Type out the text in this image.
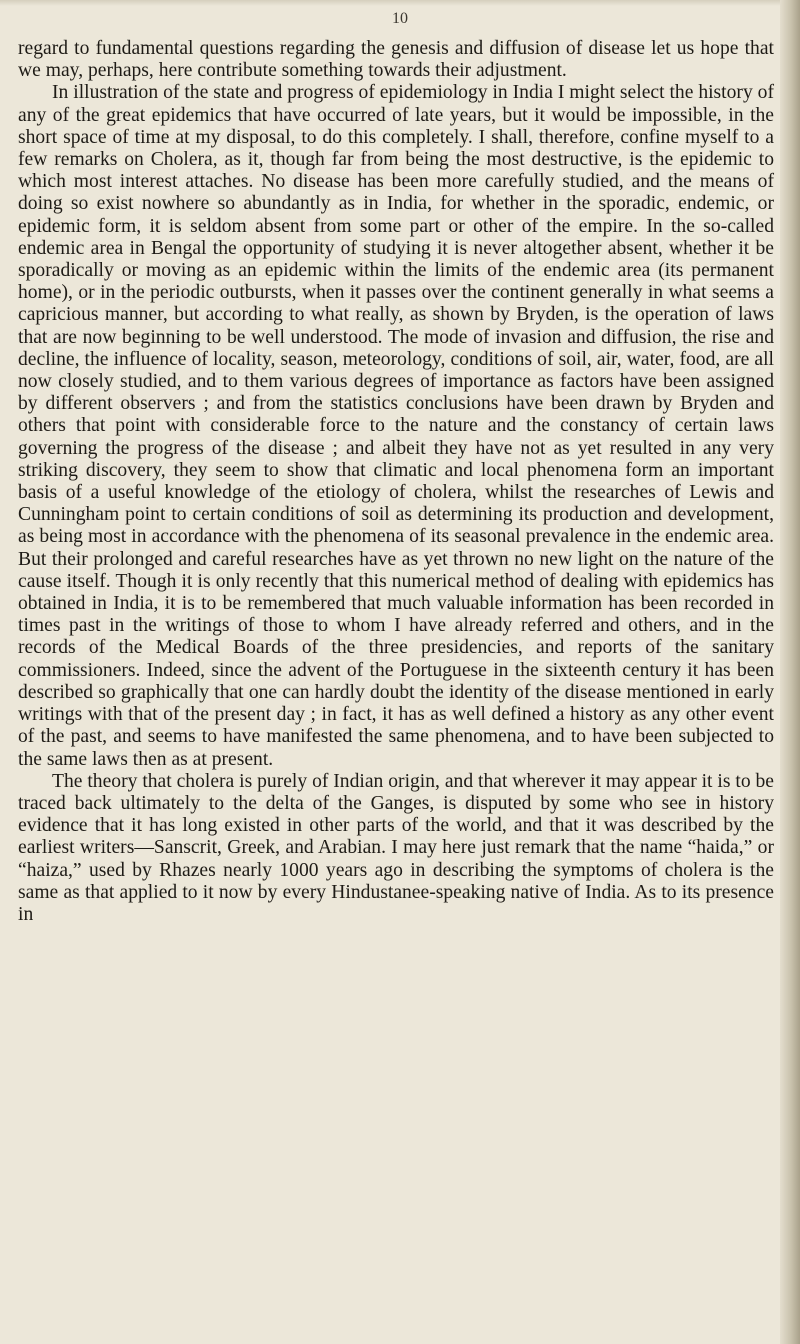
10

regard to fundamental questions regarding the genesis and diffusion of disease let us hope that we may, perhaps, here contribute something towards their adjustment.

In illustration of the state and progress of epidemiology in India I might select the history of any of the great epidemics that have occurred of late years, but it would be impossible, in the short space of time at my disposal, to do this completely. I shall, therefore, confine myself to a few remarks on Cholera, as it, though far from being the most destructive, is the epidemic to which most interest attaches. No disease has been more carefully studied, and the means of doing so exist nowhere so abundantly as in India, for whether in the sporadic, endemic, or epidemic form, it is seldom absent from some part or other of the empire. In the so-called endemic area in Bengal the opportunity of studying it is never altogether absent, whether it be sporadically or moving as an epidemic within the limits of the endemic area (its permanent home), or in the periodic outbursts, when it passes over the continent generally in what seems a capricious manner, but according to what really, as shown by Bryden, is the operation of laws that are now beginning to be well understood. The mode of invasion and diffusion, the rise and decline, the influence of locality, season, meteorology, conditions of soil, air, water, food, are all now closely studied, and to them various degrees of importance as factors have been assigned by different observers ; and from the statistics conclusions have been drawn by Bryden and others that point with considerable force to the nature and the constancy of certain laws governing the progress of the disease ; and albeit they have not as yet resulted in any very striking discovery, they seem to show that climatic and local phenomena form an important basis of a useful knowledge of the etiology of cholera, whilst the researches of Lewis and Cunningham point to certain conditions of soil as determining its production and development, as being most in accordance with the phenomena of its seasonal prevalence in the endemic area. But their prolonged and careful researches have as yet thrown no new light on the nature of the cause itself. Though it is only recently that this numerical method of dealing with epidemics has obtained in India, it is to be remembered that much valuable information has been recorded in times past in the writings of those to whom I have already referred and others, and in the records of the Medical Boards of the three presidencies, and reports of the sanitary commissioners. Indeed, since the advent of the Portuguese in the sixteenth century it has been described so graphically that one can hardly doubt the identity of the disease mentioned in early writings with that of the present day ; in fact, it has as well defined a history as any other event of the past, and seems to have manifested the same phenomena, and to have been subjected to the same laws then as at present.

The theory that cholera is purely of Indian origin, and that wherever it may appear it is to be traced back ultimately to the delta of the Ganges, is disputed by some who see in history evidence that it has long existed in other parts of the world, and that it was described by the earliest writers—Sanscrit, Greek, and Arabian. I may here just remark that the name “haida,” or “haiza,” used by Rhazes nearly 1000 years ago in describing the symptoms of cholera is the same as that applied to it now by every Hindustanee-speaking native of India. As to its presence in
